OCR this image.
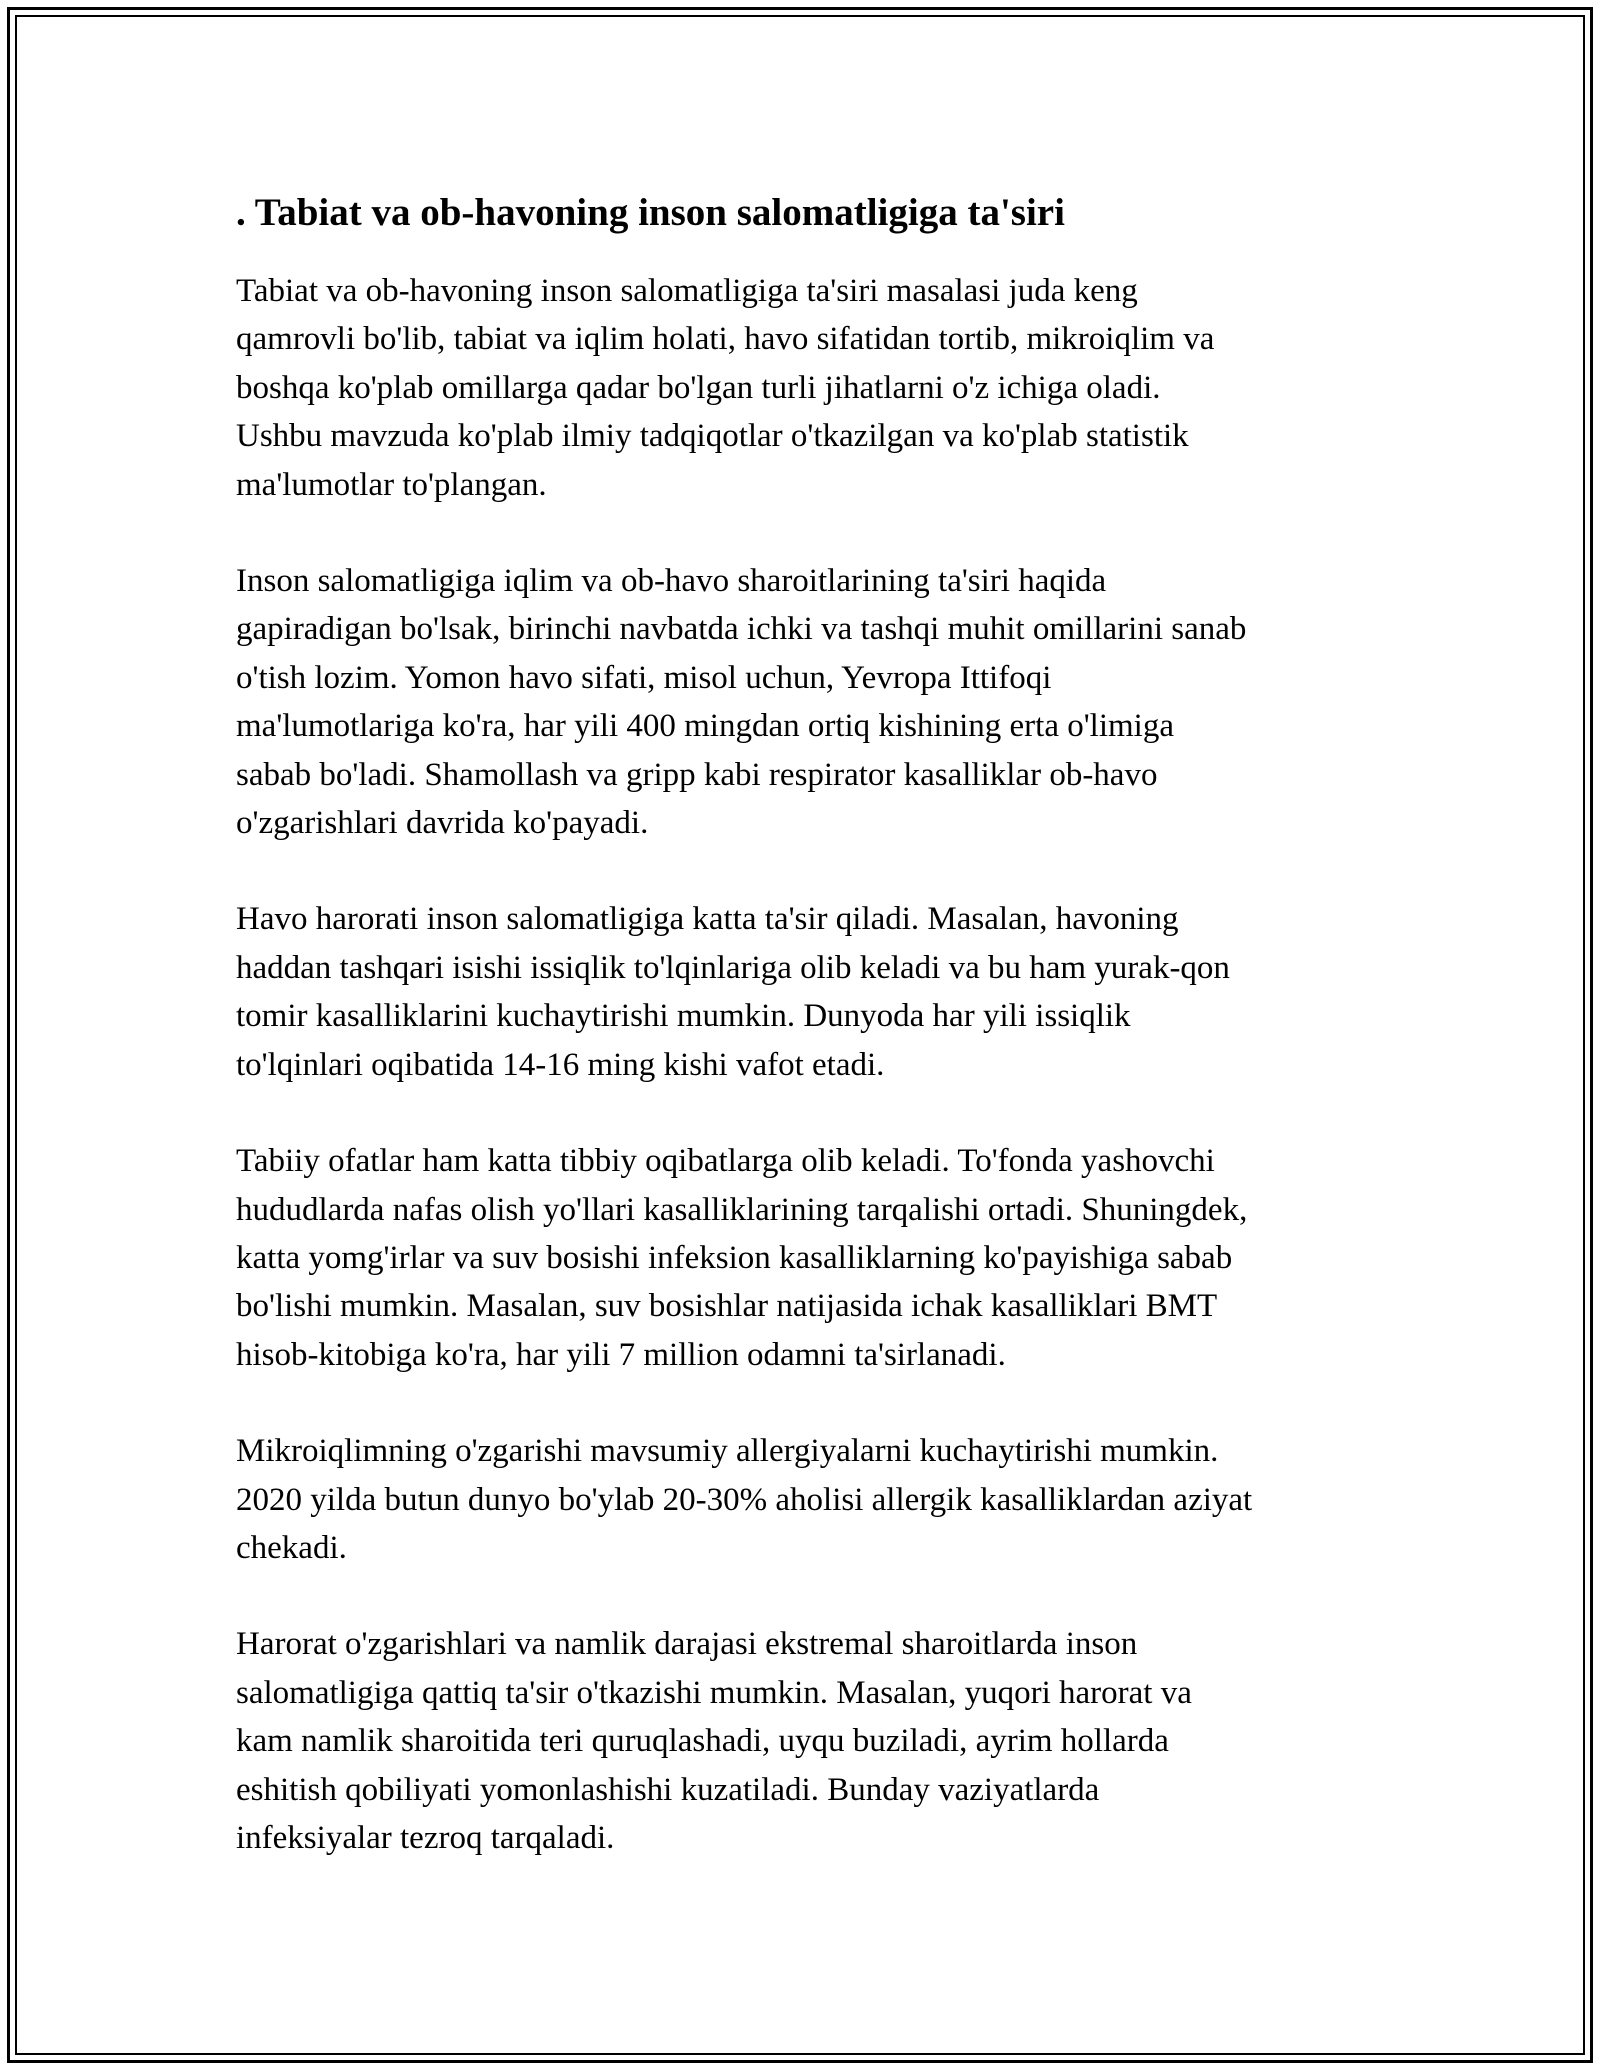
. Tabiat va ob-havoning inson salomatligiga ta'siri
Tabiat va ob-havoning inson salomatligiga ta'siri masalasi juda keng
qamrovli bo'lib, tabiat va iqlim holati, havo sifatidan tortib, mikroiqlim va
boshqa ko'plab omillarga qadar bo'lgan turli jihatlarni o'z ichiga oladi.
Ushbu mavzuda ko'plab ilmiy tadqiqotlar o'tkazilgan va ko'plab statistik
ma'lumotlar to'plangan.
Inson salomatligiga iqlim va ob-havo sharoitlarining ta'siri haqida
gapiradigan bo'lsak, birinchi navbatda ichki va tashqi muhit omillarini sanab
o'tish lozim. Yomon havo sifati, misol uchun, Yevropa Ittifoqi
ma'lumotlariga ko'ra, har yili 400 mingdan ortiq kishining erta o'limiga
sabab bo'ladi. Shamollash va gripp kabi respirator kasalliklar ob-havo
o'zgarishlari davrida ko'payadi.
Havo harorati inson salomatligiga katta ta'sir qiladi. Masalan, havoning
haddan tashqari isishi issiqlik to'lqinlariga olib keladi va bu ham yurak-qon
tomir kasalliklarini kuchaytirishi mumkin. Dunyoda har yili issiqlik
to'lqinlari oqibatida 14-16 ming kishi vafot etadi.
Tabiiy ofatlar ham katta tibbiy oqibatlarga olib keladi. To'fonda yashovchi
hududlarda nafas olish yo'llari kasalliklarining tarqalishi ortadi. Shuningdek,
katta yomg'irlar va suv bosishi infeksion kasalliklarning ko'payishiga sabab
bo'lishi mumkin. Masalan, suv bosishlar natijasida ichak kasalliklari BMT
hisob-kitobiga ko'ra, har yili 7 million odamni ta'sirlanadi.
Mikroiqlimning o'zgarishi mavsumiy allergiyalarni kuchaytirishi mumkin.
2020 yilda butun dunyo bo'ylab 20-30% aholisi allergik kasalliklardan aziyat
chekadi.
Harorat o'zgarishlari va namlik darajasi ekstremal sharoitlarda inson
salomatligiga qattiq ta'sir o'tkazishi mumkin. Masalan, yuqori harorat va
kam namlik sharoitida teri quruqlashadi, uyqu buziladi, ayrim hollarda
eshitish qobiliyati yomonlashishi kuzatiladi. Bunday vaziyatlarda
infeksiyalar tezroq tarqaladi.
